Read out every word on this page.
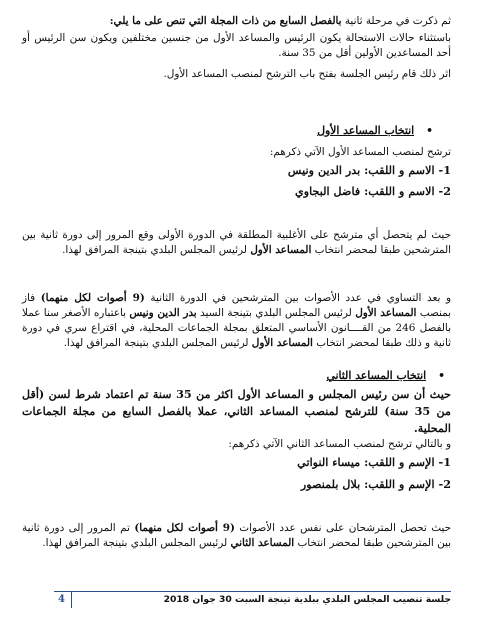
ثم ذكرت في مرحلة ثانية بالفصل السابع من ذات المجلة التي تنص على ما يلي:
باستثناء حالات الاستحالة يكون الرئيس والمساعد الأول من جنسين مختلفين ويكون سن الرئيس أو أحد المساعدين الأولين أقل من 35 سنة.
اثر ذلك قام رئيس الجلسة بفتح باب الترشح لمنصب المساعد الأول.
•انتخاب المساعد الأول
ترشح لمنصب المساعد الأول الآتي ذكرهم:
1- الاسم و اللقب: بدر الدين ونيس
2- الاسم و اللقب: فاضل البجاوي
حيث لم يتحصل أي مترشح على الأغلبية المطلقة في الدورة الأولى وقع المرور إلى دورة ثانية بين المترشحين طبقا لمحضر انتخاب المساعد الأول لرئيس المجلس البلدي بتينجة المرافق لهذا.
و بعد التساوي في عدد الأصوات بين المترشحين في الدورة الثانية (9 أصوات لكل منهما) فاز بمنصب المساعد الأول لرئيس المجلس البلدي بتينجة السيد بدر الدين ونيس باعتباره الأصغر سنا عملا بالفصل 246 من القــــانون الأساسي المتعلق بمجلة الجماعات المحلية، في اقتراع سري في دورة ثانية و ذلك طبقا لمحضر انتخاب المساعد الأول لرئيس المجلس البلدي بتينجة المرافق لهذا.
•انتخاب المساعد الثاني
حيث أن سن رئيس المجلس و المساعد الأول اكثر من 35 سنة تم اعتماد شرط لسن (أقل من 35 سنة) للترشح لمنصب المساعد الثاني، عملا بالفصل السابع من مجلة الجماعات المحلية.
و بالتالي ترشح لمنصب المساعد الثاني الآتي ذكرهم:
1- الإسم و اللقب: ميساء النواتي
2- الإسم و اللقب: بلال بلمنصور
حيث تحصل المترشحان على نفس عدد الأصوات (9 أصوات لكل منهما) تم المرور إلى دورة ثانية بين المترشحين طبقا لمحضر انتخاب المساعد الثاني لرئيس المجلس البلدي بتينجة المرافق لهذا.
4	جلسة تنصيب المجلس البلدي ببلدية تينجة السبت 30 جوان 2018
